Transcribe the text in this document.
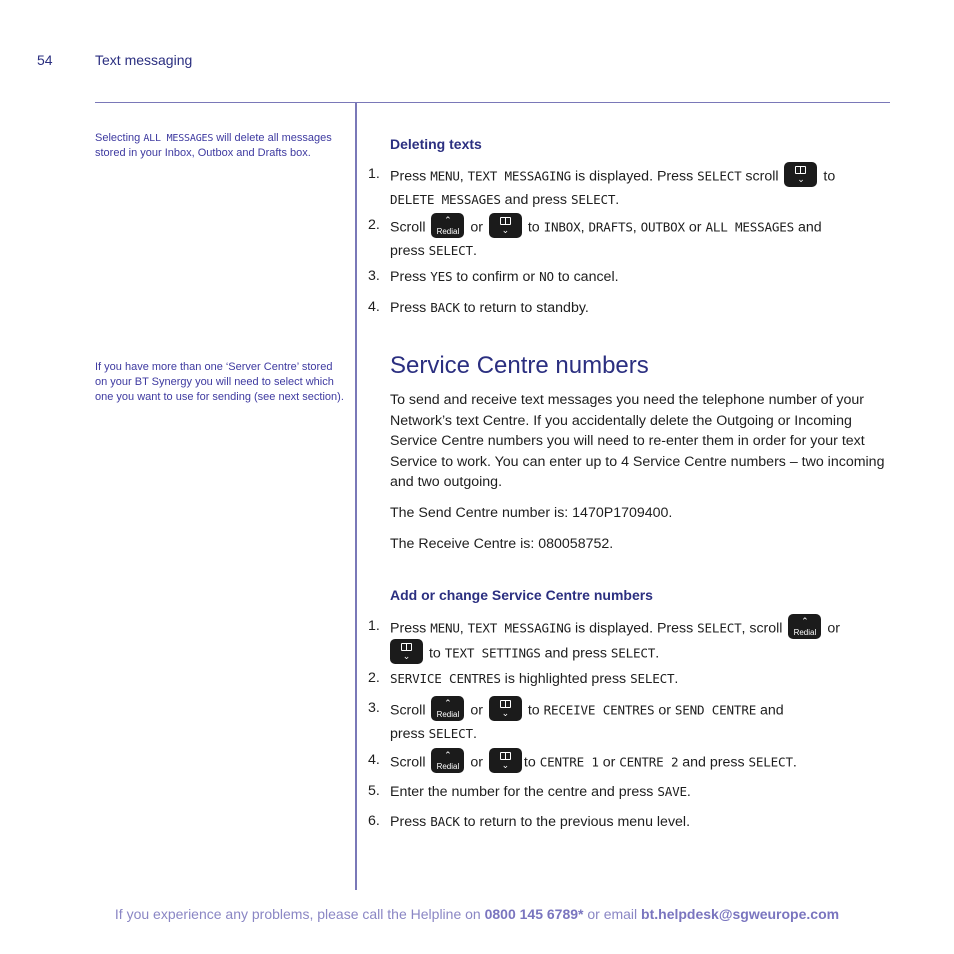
54	Text messaging
Selecting ALL MESSAGES will delete all messages stored in your Inbox, Outbox and Drafts box.
If you have more than one ‘Server Centre’ stored on your BT Synergy you will need to select which one you want to use for sending (see next section).
Deleting texts
1. Press MENU, TEXT MESSAGING is displayed. Press SELECT scroll	⌄	to
DELETE MESSAGES and press SELECT.
2. Scroll	⌃
Redial or	⌄	to INBOX, DRAFTS, OUTBOX or ALL MESSAGES and
press SELECT.
3. Press YES to confirm or NO to cancel.
4. Press BACK to return to standby.
Service Centre numbers
To send and receive text messages you need the telephone number of your Network’s text Centre. If you accidentally delete the Outgoing or Incoming Service Centre numbers you will need to re-enter them in order for your text Service to work. You can enter up to 4 Service Centre numbers – two incoming and two outgoing.
The Send Centre number is: 1470P1709400.
The Receive Centre is: 080058752.
Add or change Service Centre numbers
1. Press MENU, TEXT MESSAGING is displayed. Press SELECT, scroll	⌃
Redial or

⌄	to TEXT SETTINGS and press SELECT.
2. SERVICE CENTRES is highlighted press SELECT.
3. Scroll	⌃
Redial or	⌄	to RECEIVE CENTRES or SEND CENTRE and
press SELECT.
4. Scroll	⌃
Redial or	⌄	to CENTRE 1 or CENTRE 2 and press SELECT.
5. Enter the number for the centre and press SAVE.
6. Press BACK to return to the previous menu level.
If you experience any problems, please call the Helpline on 0800 145 6789* or email bt.helpdesk@sgweurope.com
